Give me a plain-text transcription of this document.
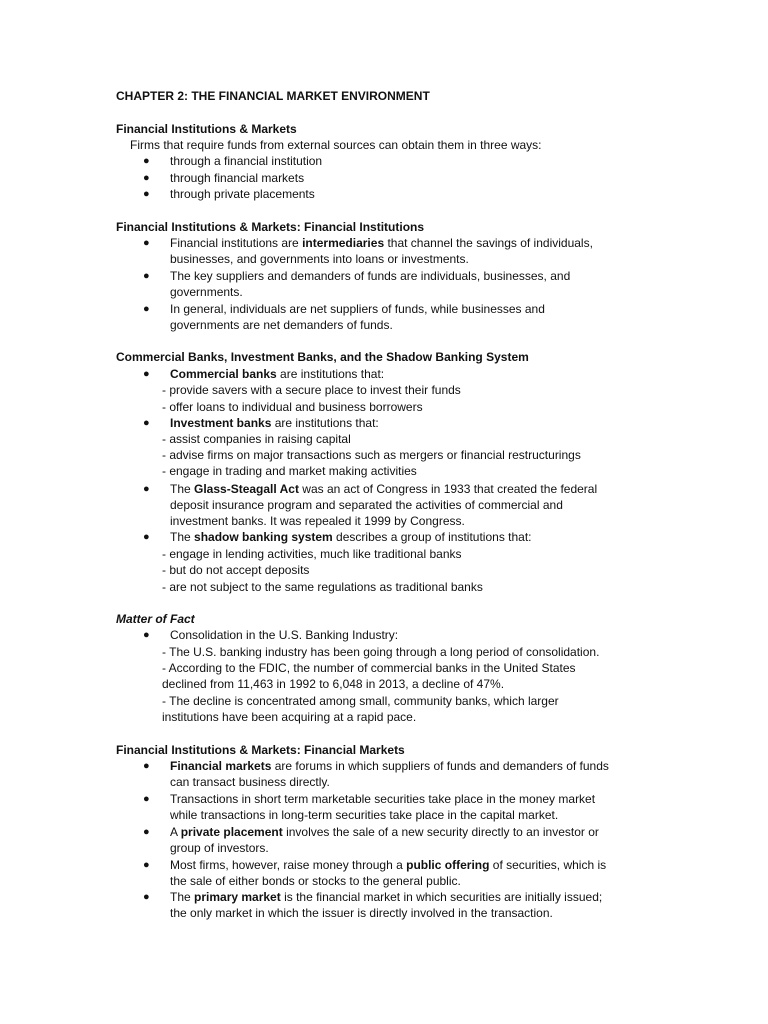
CHAPTER 2: THE FINANCIAL MARKET ENVIRONMENT
Financial Institutions & Markets
Firms that require funds from external sources can obtain them in three ways:
● through a financial institution
● through financial markets
● through private placements
Financial Institutions & Markets: Financial Institutions
● Financial institutions are intermediaries that channel the savings of individuals,
businesses, and governments into loans or investments.
● The key suppliers and demanders of funds are individuals, businesses, and
governments.
● In general, individuals are net suppliers of funds, while businesses and
governments are net demanders of funds.
Commercial Banks, Investment Banks, and the Shadow Banking System
● Commercial banks are institutions that:
- provide savers with a secure place to invest their funds
- offer loans to individual and business borrowers
● Investment banks are institutions that:
- assist companies in raising capital
- advise firms on major transactions such as mergers or financial restructurings
- engage in trading and market making activities
● The Glass-Steagall Act was an act of Congress in 1933 that created the federal
deposit insurance program and separated the activities of commercial and
investment banks. It was repealed it 1999 by Congress.
● The shadow banking system describes a group of institutions that:
- engage in lending activities, much like traditional banks
- but do not accept deposits
- are not subject to the same regulations as traditional banks
Matter of Fact
● Consolidation in the U.S. Banking Industry:
- The U.S. banking industry has been going through a long period of consolidation.
- According to the FDIC, the number of commercial banks in the United States
declined from 11,463 in 1992 to 6,048 in 2013, a decline of 47%.
- The decline is concentrated among small, community banks, which larger
institutions have been acquiring at a rapid pace.
Financial Institutions & Markets: Financial Markets
● Financial markets are forums in which suppliers of funds and demanders of funds
can transact business directly.
● Transactions in short term marketable securities take place in the money market
while transactions in long-term securities take place in the capital market.
● A private placement involves the sale of a new security directly to an investor or
group of investors.
● Most firms, however, raise money through a public offering of securities, which is
the sale of either bonds or stocks to the general public.
● The primary market is the financial market in which securities are initially issued;
the only market in which the issuer is directly involved in the transaction.
